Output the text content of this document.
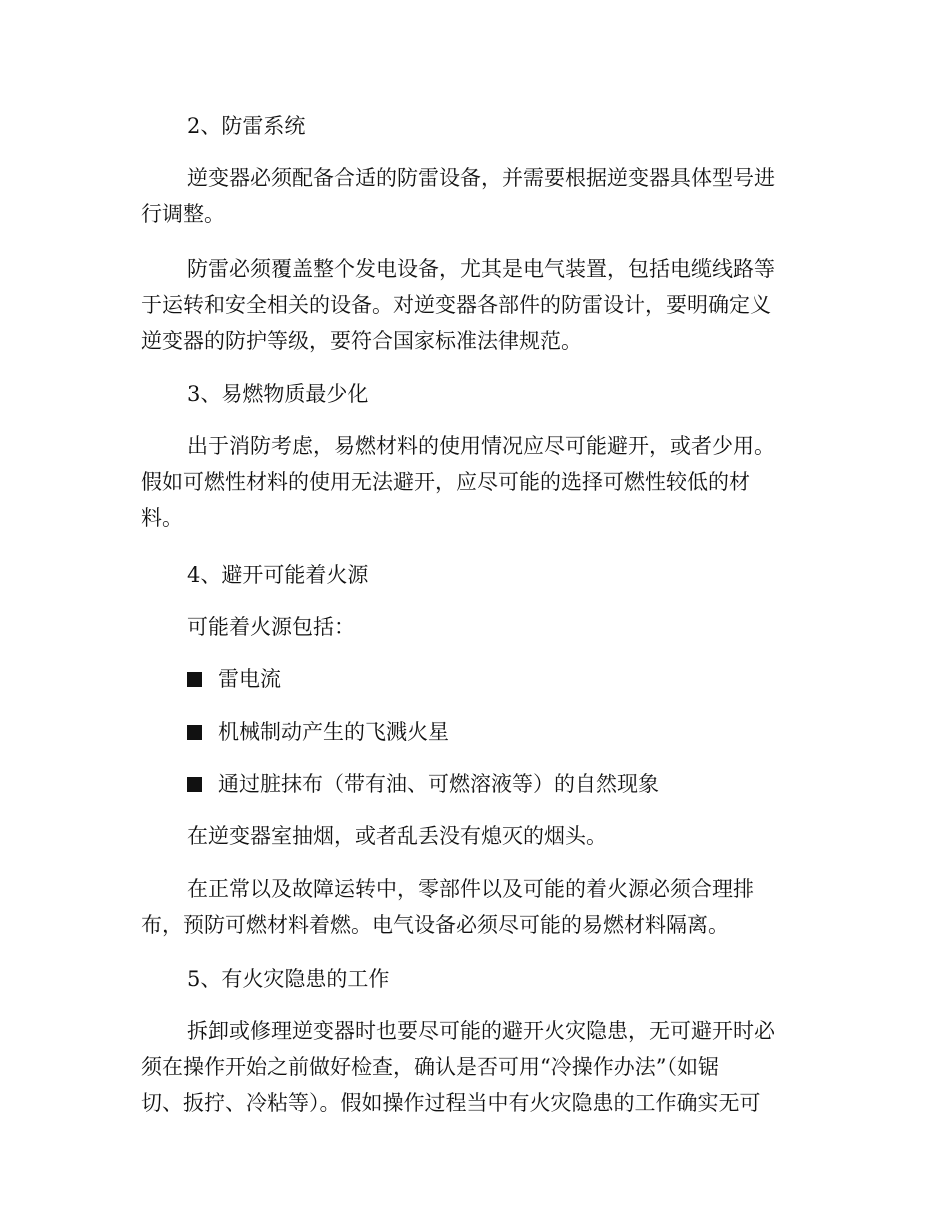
2、防雷系统

逆变器必须配备合适的防雷设备，并需要根据逆变器具体型号进

行调整。

防雷必须覆盖整个发电设备，尤其是电气装置，包括电缆线路等

于运转和安全相关的设备。对逆变器各部件的防雷设计，要明确定义

逆变器的防护等级，要符合国家标准法律规范。

3、易燃物质最少化

出于消防考虑，易燃材料的使用情况应尽可能避开，或者少用。

假如可燃性材料的使用无法避开，应尽可能的选择可燃性较低的材

料。

4、避开可能着火源

可能着火源包括：

雷电流
机械制动产生的飞溅火星
通过脏抹布（带有油、可燃溶液等）的自然现象

在逆变器室抽烟，或者乱丢没有熄灭的烟头。

在正常以及故障运转中，零部件以及可能的着火源必须合理排

布，预防可燃材料着燃。电气设备必须尽可能的易燃材料隔离。

5、有火灾隐患的工作

拆卸或修理逆变器时也要尽可能的避开火灾隐患，无可避开时必

须在操作开始之前做好检查，确认是否可用“冷操作办法”（如锯

切、扳拧、冷粘等）。假如操作过程当中有火灾隐患的工作确实无可
